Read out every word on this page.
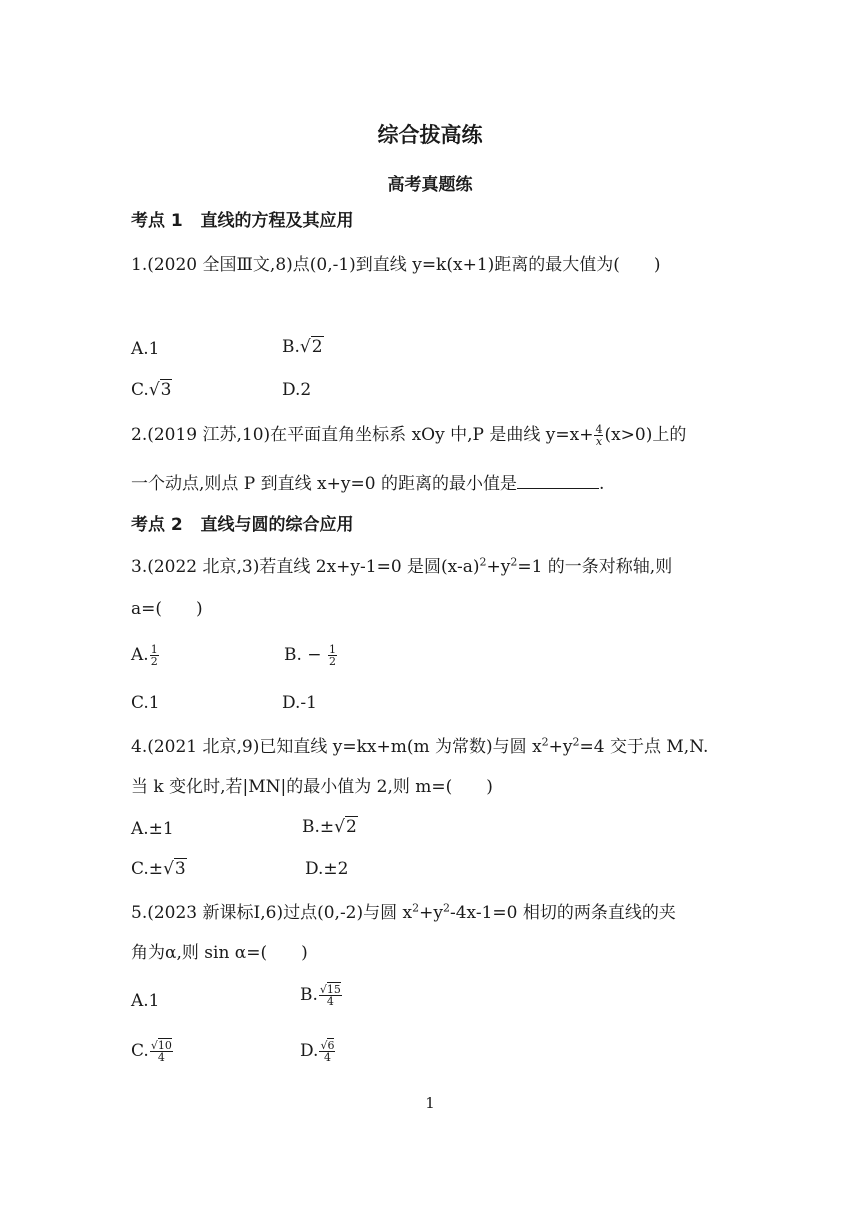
综合拔高练
高考真题练
考点 1 直线的方程及其应用
1.(2020 全国Ⅲ文,8)点(0,-1)到直线 y=k(x+1)距离的最大值为(　　)
A.1	B.√2
C.√3	D.2
2.(2019 江苏,10)在平面直角坐标系 xOy 中,P 是曲线 $y=x+ \frac{4}{x} (x>0)$上的
一个动点,则点 P 到直线 x+y=0 的距离的最小值是	.
考点 2 直线与圆的综合应用
3.(2022 北京,3)若直线 2x+y-1=0 是圆$(x-a)^2+y^2=1$ 的一条对称轴,则
a=(　　)
A. $\frac{1}{2}$	B. − $\frac{1}{2}$
C.1	D.-1
4.(2021 北京,9)已知直线 y=kx+m(m 为常数)与圆 $x^2+y^2=4$ 交于点 M,N.
当 k 变化时,若|MN|的最小值为 2,则 m=(　　)
A.±1	B.±√2
C.±√3	D.±2
5.(2023 新课标Ⅰ,6)过点(0,-2)与圆 $x^2+y^2-4x-1=0$ 相切的两条直线的夹
角为α,则 sin α=(　　)
A.1	B. $\frac{√15}{4}$
C. $\frac{√10}{4}$	D. $\frac{√6}{4}$
1
